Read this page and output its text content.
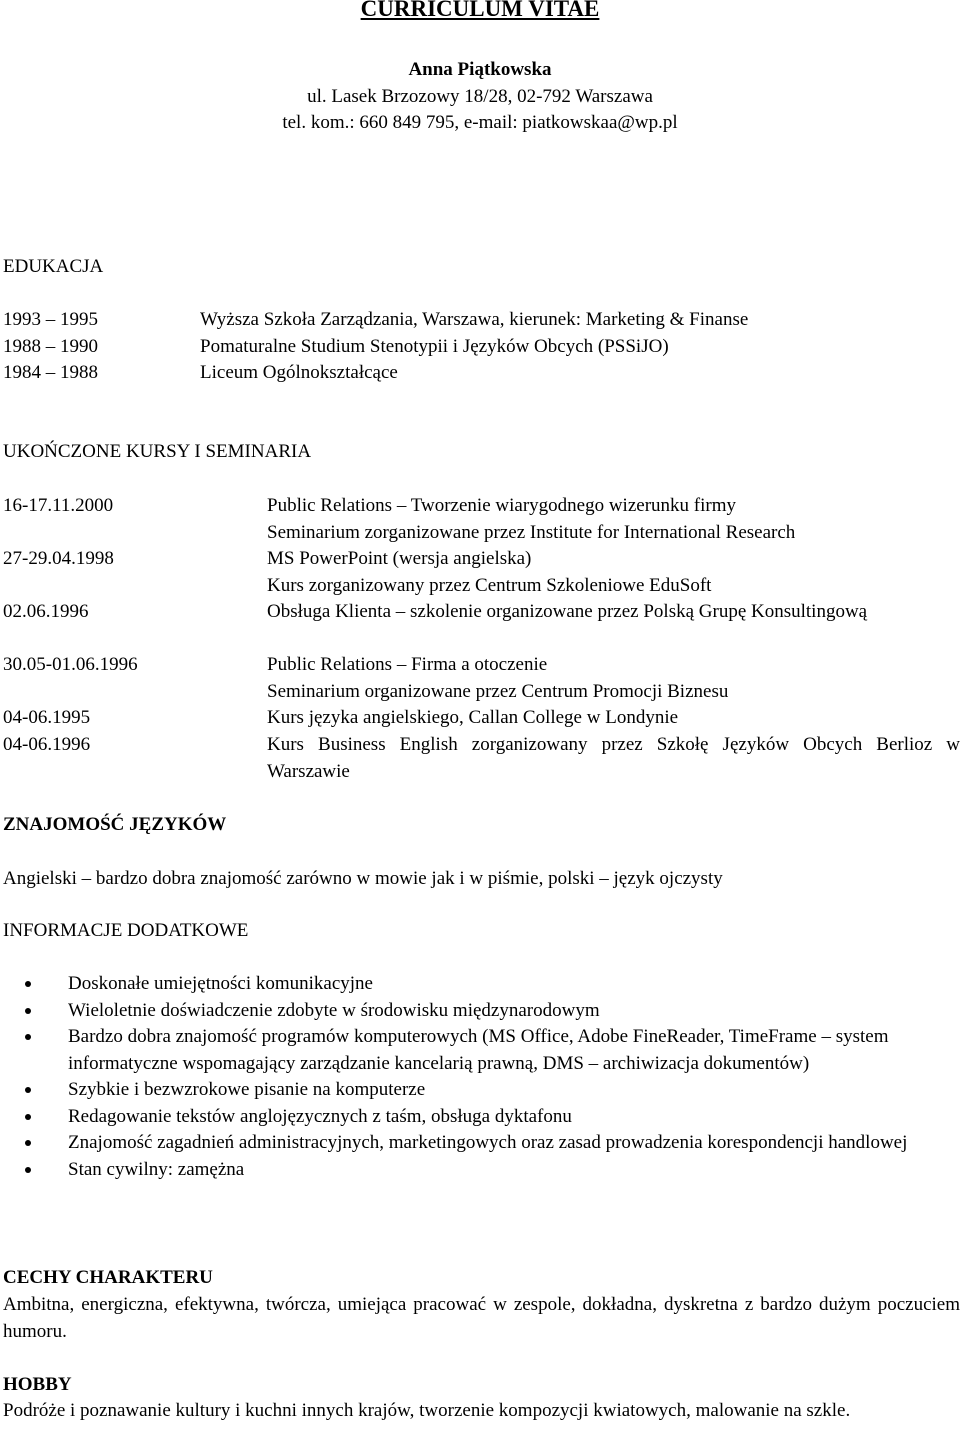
CURRICULUM VITAE
Anna Piątkowska
ul. Lasek Brzozowy 18/28, 02-792 Warszawa
tel. kom.: 660 849 795, e-mail: piatkowskaa@wp.pl
EDUKACJA
1993 – 1995	Wyższa Szkoła Zarządzania, Warszawa, kierunek: Marketing & Finanse
1988 – 1990	Pomaturalne Studium Stenotypii i Języków Obcych (PSSiJO)
1984 – 1988	Liceum Ogólnokształcące
UKOŃCZONE KURSY I SEMINARIA
16-17.11.2000	Public Relations – Tworzenie wiarygodnego wizerunku firmy
Seminarium zorganizowane przez Institute for International Research
27-29.04.1998	MS PowerPoint (wersja angielska)
Kurs zorganizowany przez Centrum Szkoleniowe EduSoft
02.06.1996	Obsługa Klienta – szkolenie organizowane przez Polską Grupę Konsultingową
30.05-01.06.1996	Public Relations – Firma a otoczenie
Seminarium organizowane przez Centrum Promocji Biznesu
04-06.1995	Kurs języka angielskiego, Callan College w Londynie
04-06.1996	Kurs Business English zorganizowany przez Szkołę Języków Obcych Berlioz w Warszawie
ZNAJOMOŚĆ JĘZYKÓW
Angielski – bardzo dobra znajomość zarówno w mowie jak i w piśmie, polski – język ojczysty
INFORMACJE DODATKOWE
Doskonałe umiejętności komunikacyjne
Wieloletnie doświadczenie zdobyte w środowisku międzynarodowym
Bardzo dobra znajomość programów komputerowych (MS Office, Adobe FineReader, TimeFrame – system informatyczne wspomagający zarządzanie kancelarią prawną, DMS – archiwizacja dokumentów)
Szybkie i bezwzrokowe pisanie na komputerze
Redagowanie tekstów anglojęzycznych z taśm, obsługa dyktafonu
Znajomość zagadnień administracyjnych, marketingowych oraz zasad prowadzenia korespondencji handlowej
Stan cywilny: zamężna
CECHY CHARAKTERU
Ambitna, energiczna, efektywna, twórcza, umiejąca pracować w zespole, dokładna, dyskretna z bardzo dużym poczuciem humoru.
HOBBY
Podróże i poznawanie kultury i kuchni innych krajów, tworzenie kompozycji kwiatowych, malowanie na szkle.
